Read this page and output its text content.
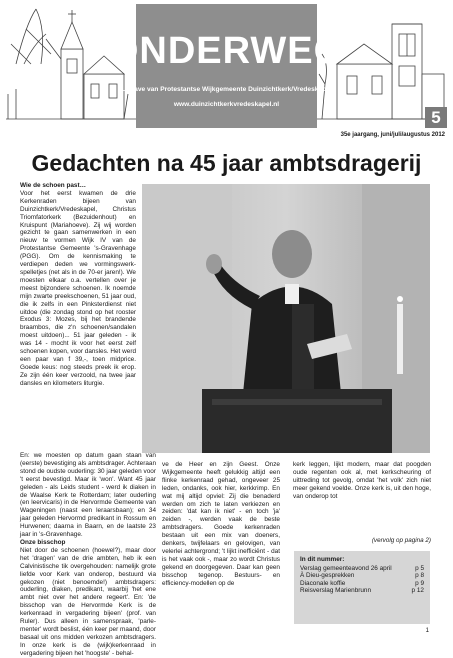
ONDERWEG
Uitgave van Protestantse Wijkgemeente Duinzichtkerk/Vredeskapel
www.duinzichtkerkvredeskapel.nl
5
35e jaargang, juni/juli/augustus 2012
Gedachten na 45 jaar ambtsdragerij
Wie de schoen past…

Voor het eerst kwamen de drie Kerkenraden bijeen van Duinzichtkerk/Vredeskapel, Christus Triomfatorkerk (Bezuidenhout) en Kruispunt (Mariahoeve). Zij wij worden gezicht te gaan samenwerken in een nieuw te vormen Wijk IV van de Protestantse Gemeente 's-Gravenhage (PGG). Om de kennismaking te verdiepen deden we vormingswerk-spelletjes (net als in de 70-er jaren!). We moesten elkaar o.a. vertellen over je meest bijzondere schoenen. Ik noemde mijn zwarte preekschoenen, 51 jaar oud, die ik zelfs in een Pinksterdienst niet uitdoe (die zondag stond op het rooster Exodus 3: Mozes, bij het brandende braambos, die z'n schoenen/sandalen moest uitdoen)... 51 jaar geleden - ik was 14 - mocht ik voor het eerst zelf schoenen kopen, voor dansles. Het werd een paar van f 39,-, toen midprice. Goede keus: nog steeds preek ik erop. Ze zijn één keer verzoold, na twee jaar dansles en kilometers liturgie.

En: we moesten op datum gaan staan van (eerste) bevestiging als ambtsdrager. Achteraan stond de oudste ouderling: 30 jaar geleden voor 't eerst bevestigd. Maar ik 'won'. Want 45 jaar geleden - als Leids student - werd ik diaken in de Waalse Kerk te Rotterdam; later ouderling (en leervicaris) in de Hervormde Gemeente van Wageningen (naast een leraarsbaan); en 34 jaar geleden Hervormd predikant in Rossum en Hurwenen; daarna in Baarn, en de laatste 23 jaar in 's-Gravenhage.

Onze bisschop

Niet door de schoenen (hoewel?), maar door het 'dragen' van de drie ambten, heb ik een Calvinistische tik overgehouden: namelijk grote liefde voor Kerk van onderop, bestuurd via gekozen (niet benoemde!) ambtsdragers: ouderling, diaken, predikant, waarbij 'het ene ambt niet over het andere regeert'. En: 'de bisschop van de Hervormde Kerk is de kerkenraad in vergadering bijeen' (prof. van Ruler). Dus alleen in samenspraak, 'parle-menter' wordt beslist, één keer per maand, door basaal uit ons midden verkozen ambtsdragers. In onze kerk is de (wijk)kerkenraad in vergadering bijeen het 'hoogste' - behal-

ve de Heer en zijn Geest. Onze Wijkgemeente heeft gelukkig altijd een flinke kerkenraad gehad, ongeveer 25 leden, ondanks, ook hier, kerkkrimp. En wat mij altijd opviel: Zij die benaderd werden om zich te laten verkiezen en zeiden: 'dat kan ik niet' - en toch 'ja' zeiden -, werden vaak de beste ambtsdragers. Goede kerkenraden bestaan uit een mix van doeners, denkers, twijfelaars en gelovigen, van velerlei achtergrond; 't lijkt inefficiënt - dat is het vaak ook -, maar zo wordt Christus gekend en doorgegeven. Daar kan geen bisschop tegenop. Bestuurs- en efficiency-modellen op de

kerk leggen, lijkt modern, maar dat poogden oude regenten ook al, met kerkscheuring of uittreding tot gevolg, omdat 'het volk' zich niet meer gekend voelde. Onze kerk is, uit den hoge, van onderop tot

(vervolg op pagina 2)
In dit nummer:
Verslag gemeenteavond 26 april	p 5
À Dieu-gesprekken	p 8
Diaconale koffie	p 9
Reisverslag Marienbrunn	p 12
1
